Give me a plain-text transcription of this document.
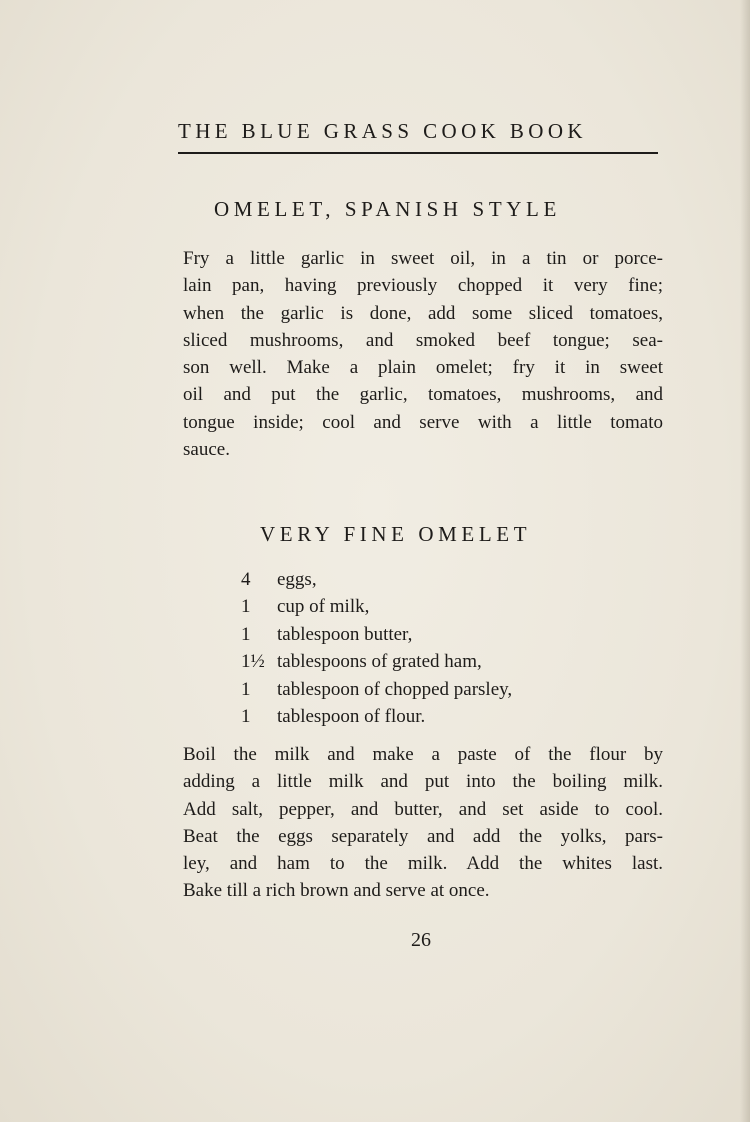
THE BLUE GRASS COOK BOOK
OMELET, SPANISH STYLE
Fry a little garlic in sweet oil, in a tin or porce-
lain pan, having previously chopped it very fine;
when the garlic is done, add some sliced tomatoes,
sliced mushrooms, and smoked beef tongue; sea-
son well. Make a plain omelet; fry it in sweet
oil and put the garlic, tomatoes, mushrooms, and
tongue inside; cool and serve with a little tomato
sauce.
VERY FINE OMELET
4	eggs,
1	cup of milk,
1	tablespoon butter,
1½ tablespoons of grated ham,
1	tablespoon of chopped parsley,
1	tablespoon of flour.
Boil the milk and make a paste of the flour by
adding a little milk and put into the boiling milk.
Add salt, pepper, and butter, and set aside to cool.
Beat the eggs separately and add the yolks, pars-
ley, and ham to the milk. Add the whites last.
Bake till a rich brown and serve at once.
26
